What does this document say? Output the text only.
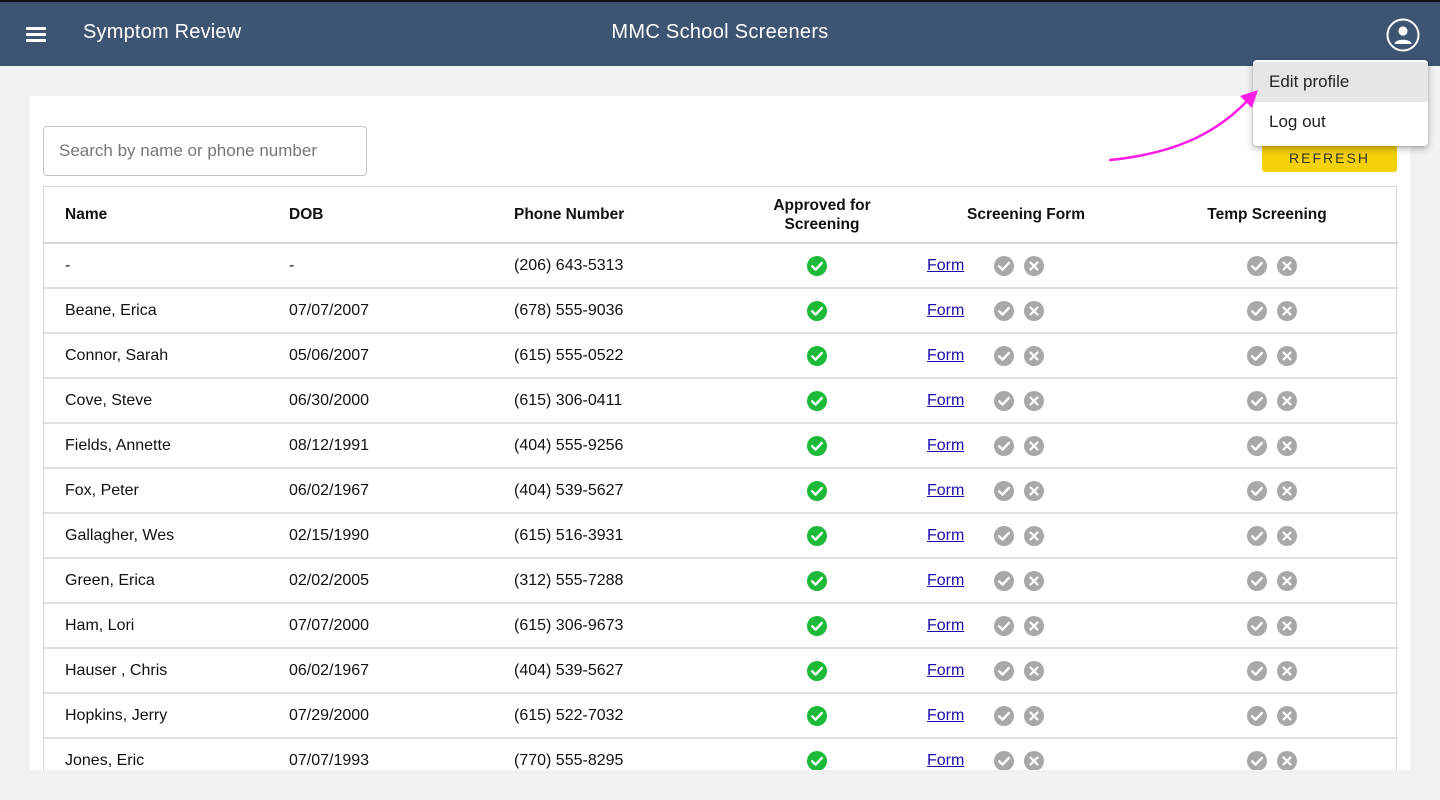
Symptom Review	MMC School Screeners
Search by name or phone number
REFRESH
Name	DOB	Phone Number	Approved for Screening	Screening Form	Temp Screening
-	-	(206) 643-5313		Form

Beane, Erica	07/07/2007	(678) 555-9036		Form

Connor, Sarah	05/06/2007	(615) 555-0522		Form

Cove, Steve	06/30/2000	(615) 306-0411		Form

Fields, Annette	08/12/1991	(404) 555-9256		Form

Fox, Peter	06/02/1967	(404) 539-5627		Form

Gallagher, Wes	02/15/1990	(615) 516-3931		Form

Green, Erica	02/02/2005	(312) 555-7288		Form

Ham, Lori	07/07/2000	(615) 306-9673		Form

Hauser , Chris	06/02/1967	(404) 539-5627		Form

Hopkins, Jerry	07/29/2000	(615) 522-7032		Form

Jones, Eric	07/07/1993	(770) 555-8295		Form

Edit profile
Log out
